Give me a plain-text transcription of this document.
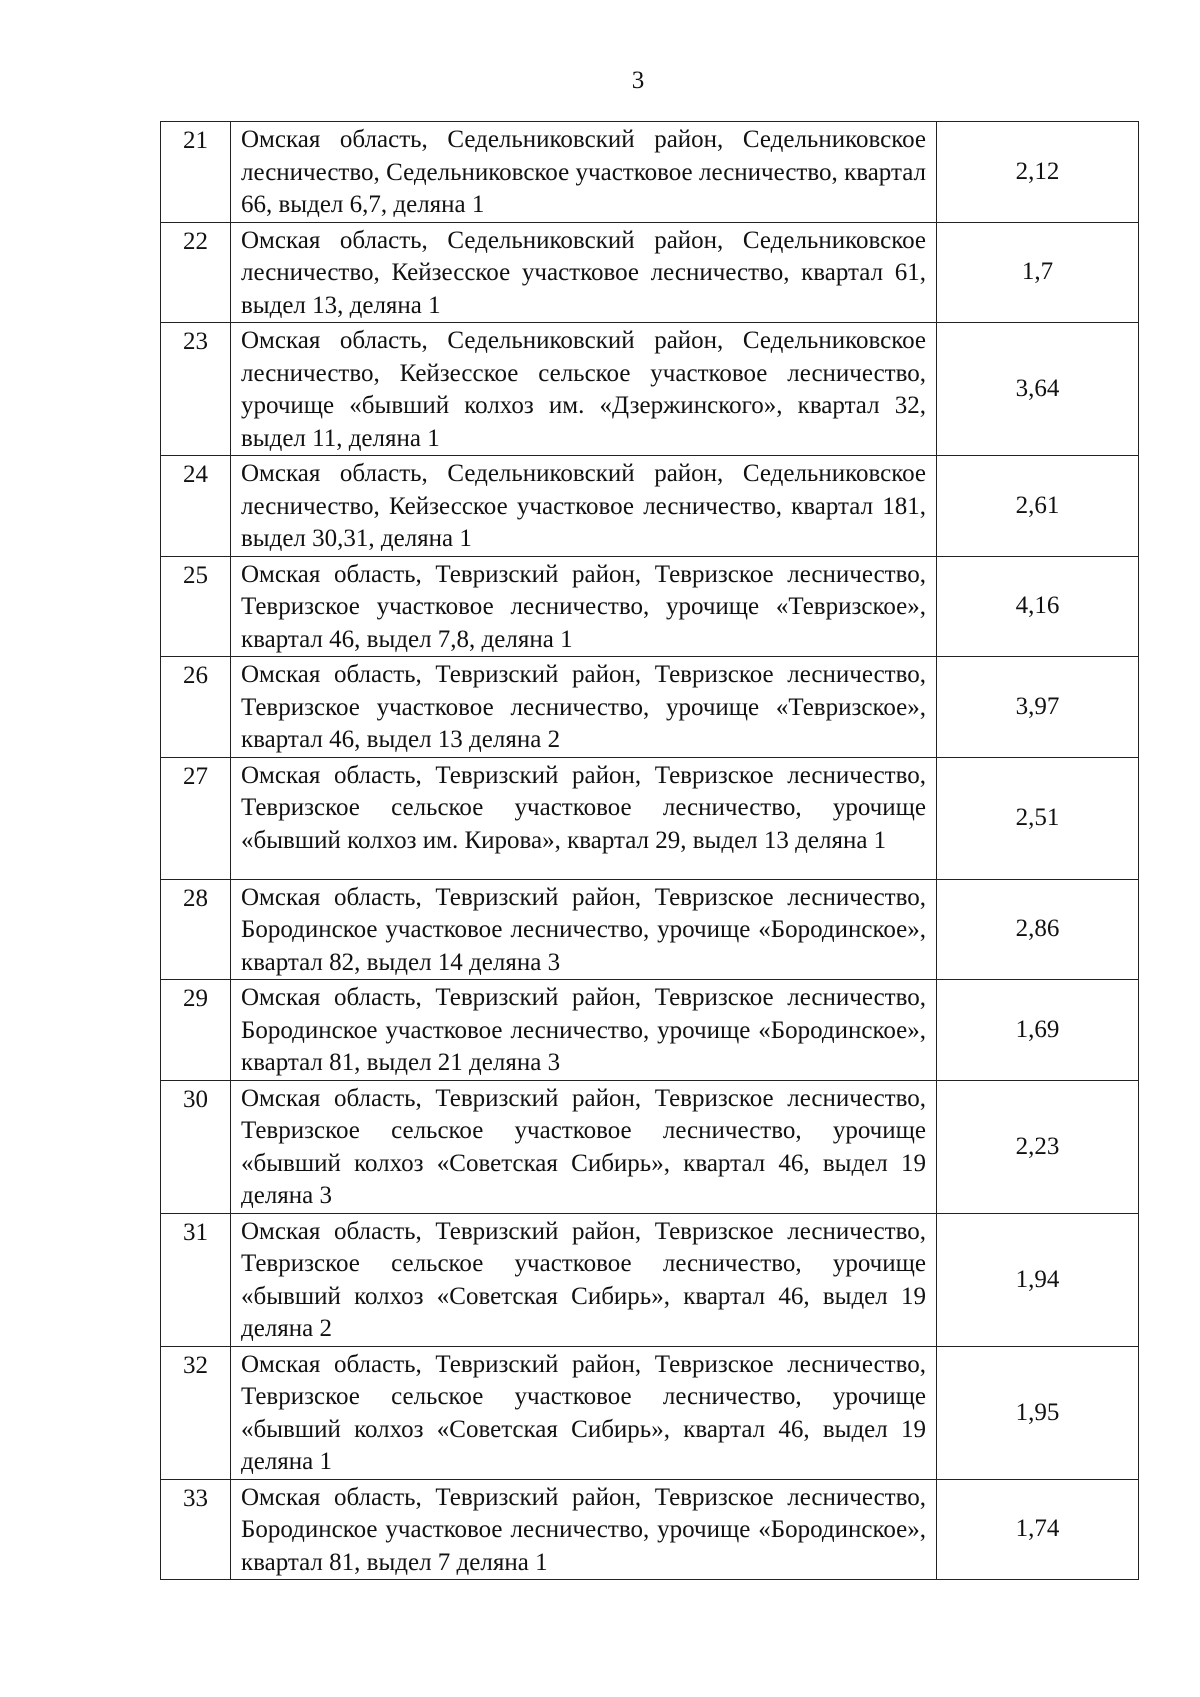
3
21	Омская область, Седельниковский район, Седельниковское лесничество, Седельниковское участковое лесничество, квартал 66, выдел 6,7, деляна 1	2,12
22	Омская область, Седельниковский район, Седельниковское лесничество, Кейзесское участковое лесничество, квартал 61, выдел 13, деляна 1	1,7
23	Омская область, Седельниковский район, Седельниковское лесничество, Кейзесское сельское участковое лесничество, урочище «бывший колхоз им. «Дзержинского», квартал 32, выдел 11, деляна 1	3,64
24	Омская область, Седельниковский район, Седельниковское лесничество, Кейзесское участковое лесничество, квартал 181, выдел 30,31, деляна 1	2,61
25	Омская область, Тевризский район, Тевризское лесничество, Тевризское участковое лесничество, урочище «Тевризское», квартал 46, выдел 7,8, деляна 1	4,16
26	Омская область, Тевризский район, Тевризское лесничество, Тевризское участковое лесничество, урочище «Тевризское», квартал 46, выдел 13 деляна 2	3,97
27	Омская область, Тевризский район, Тевризское лесничество, Тевризское сельское участковое лесничество, урочище «бывший колхоз им. Кирова», квартал 29, выдел 13 деляна 1	2,51
28	Омская область, Тевризский район, Тевризское лесничество, Бородинское участковое лесничество, урочище «Бородинское», квартал 82, выдел 14 деляна 3	2,86
29	Омская область, Тевризский район, Тевризское лесничество, Бородинское участковое лесничество, урочище «Бородинское», квартал 81, выдел 21 деляна 3	1,69
30	Омская область, Тевризский район, Тевризское лесничество, Тевризское сельское участковое лесничество, урочище «бывший колхоз «Советская Сибирь», квартал 46, выдел 19 деляна 3	2,23
31	Омская область, Тевризский район, Тевризское лесничество, Тевризское сельское участковое лесничество, урочище «бывший колхоз «Советская Сибирь», квартал 46, выдел 19 деляна 2	1,94
32	Омская область, Тевризский район, Тевризское лесничество, Тевризское сельское участковое лесничество, урочище «бывший колхоз «Советская Сибирь», квартал 46, выдел 19 деляна 1	1,95
33	Омская область, Тевризский район, Тевризское лесничество, Бородинское участковое лесничество, урочище «Бородинское», квартал 81, выдел 7 деляна 1	1,74
